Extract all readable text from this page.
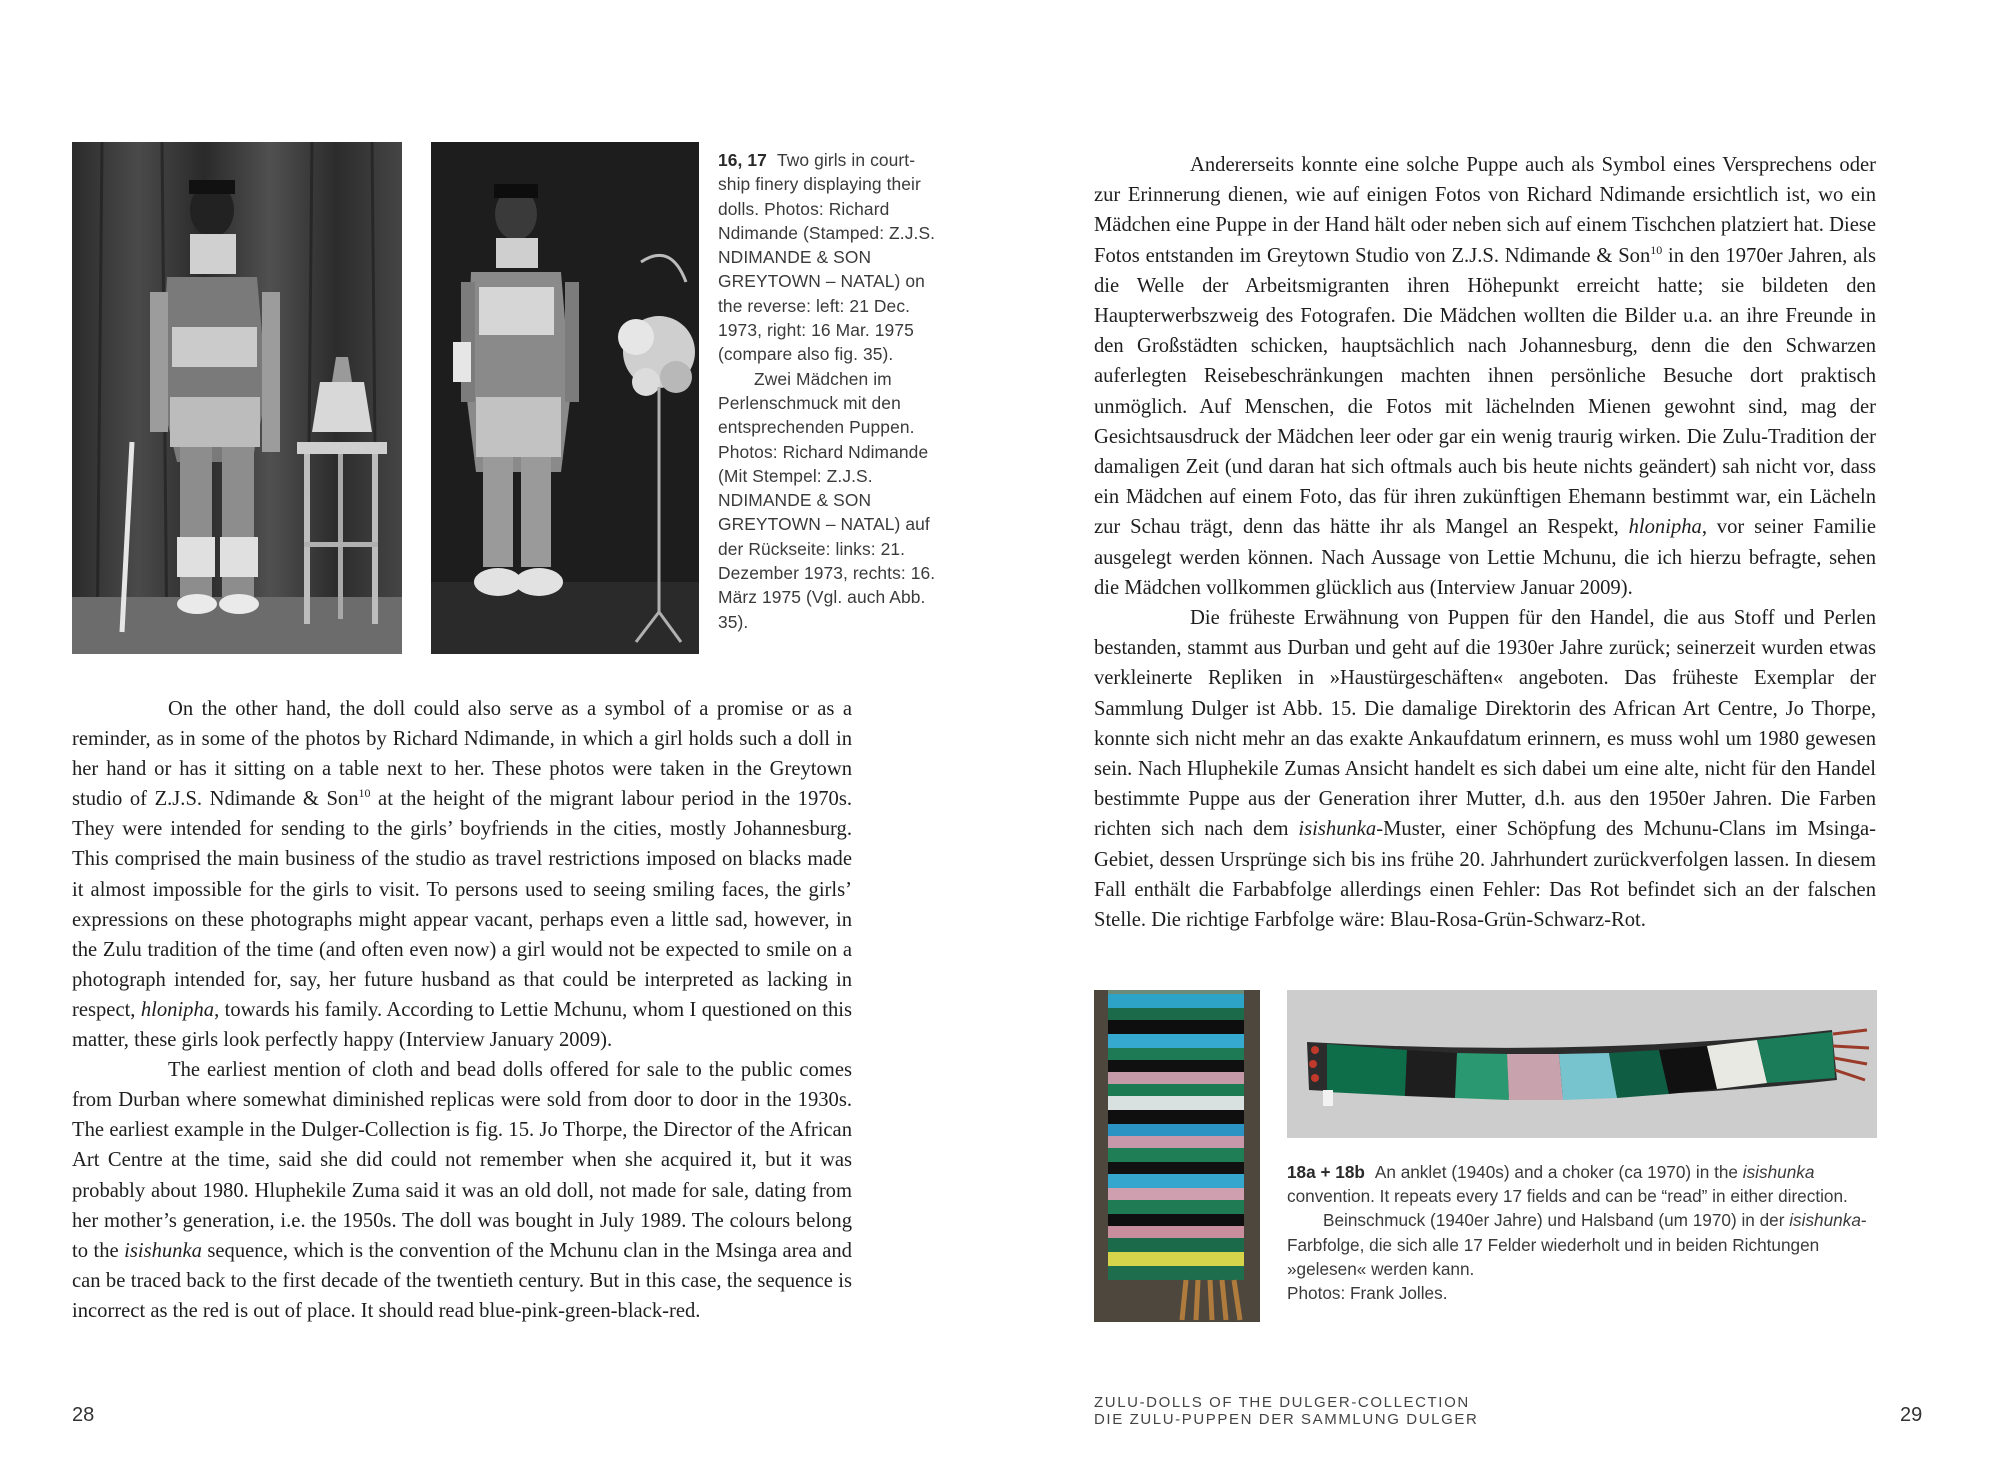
16, 17 Two girls in court-ship finery displaying their dolls. Photos: Richard Ndimande (Stamped: Z.J.S. NDIMANDE & SON GREYTOWN – NATAL) on the reverse: left: 21 Dec. 1973, right: 16 Mar. 1975 (compare also fig. 35).

Zwei Mädchen im Perlenschmuck mit den entsprechenden Puppen. Photos: Richard Ndimande (Mit Stempel: Z.J.S. NDIMANDE & SON GREYTOWN – NATAL) auf der Rückseite: links: 21. Dezember 1973, rechts: 16. März 1975 (Vgl. auch Abb. 35).

On the other hand, the doll could also serve as a symbol of a promise or as a reminder, as in some of the photos by Richard Ndimande, in which a girl holds such a doll in her hand or has it sitting on a table next to her. These photos were taken in the Greytown studio of Z.J.S. Ndimande & Son$^{10}$ at the height of the migrant labour period in the 1970s. They were intended for sending to the girls’ boyfriends in the cities, mostly Johannesburg. This comprised the main business of the studio as travel restrictions imposed on blacks made it almost impossible for the girls to visit. To persons used to seeing smiling faces, the girls’ expressions on these photographs might appear vacant, perhaps even a little sad, however, in the Zulu tradition of the time (and often even now) a girl would not be expected to smile on a photograph intended for, say, her future husband as that could be interpreted as lacking in respect, hlonipha, towards his family. According to Lettie Mchunu, whom I questioned on this matter, these girls look perfectly happy (Interview January 2009).

The earliest mention of cloth and bead dolls offered for sale to the public comes from Durban where somewhat diminished replicas were sold from door to door in the 1930s. The earliest example in the Dulger-Collection is fig. 15. Jo Thorpe, the Director of the African Art Centre at the time, said she did could not remember when she acquired it, but it was probably about 1980. Hluphekile Zuma said it was an old doll, not made for sale, dating from her mother’s generation, i.e. the 1950s. The doll was bought in July 1989. The colours belong to the isishunka sequence, which is the convention of the Mchunu clan in the Msinga area and can be traced back to the first decade of the twentieth century. But in this case, the sequence is incorrect as the red is out of place. It should read blue-pink-green-black-red.

28

Andererseits konnte eine solche Puppe auch als Symbol eines Versprechens oder zur Erinnerung dienen, wie auf einigen Fotos von Richard Ndimande ersichtlich ist, wo ein Mädchen eine Puppe in der Hand hält oder neben sich auf einem Tischchen platziert hat. Diese Fotos entstanden im Greytown Studio von Z.J.S. Ndimande & Son$^{10}$ in den 1970er Jahren, als die Welle der Arbeitsmigranten ihren Höhepunkt erreicht hatte; sie bildeten den Haupterwerbszweig des Fotografen. Die Mädchen wollten die Bilder u.a. an ihre Freunde in den Großstädten schicken, hauptsächlich nach Johannesburg, denn die den Schwarzen auferlegten Reisebeschränkungen machten ihnen persönliche Besuche dort praktisch unmöglich. Auf Menschen, die Fotos mit lächelnden Mienen gewohnt sind, mag der Gesichtsausdruck der Mädchen leer oder gar ein wenig traurig wirken. Die Zulu-Tradition der damaligen Zeit (und daran hat sich oftmals auch bis heute nichts geändert) sah nicht vor, dass ein Mädchen auf einem Foto, das für ihren zukünftigen Ehemann bestimmt war, ein Lächeln zur Schau trägt, denn das hätte ihr als Mangel an Respekt, hlonipha, vor seiner Familie ausgelegt werden können. Nach Aussage von Lettie Mchunu, die ich hierzu befragte, sehen die Mädchen vollkommen glücklich aus (Interview Januar 2009).

Die früheste Erwähnung von Puppen für den Handel, die aus Stoff und Perlen bestanden, stammt aus Durban und geht auf die 1930er Jahre zurück; seinerzeit wurden etwas verkleinerte Repliken in »Haustürgeschäften« angeboten. Das früheste Exemplar der Sammlung Dulger ist Abb. 15. Die damalige Direktorin des African Art Centre, Jo Thorpe, konnte sich nicht mehr an das exakte Ankaufdatum erinnern, es muss wohl um 1980 gewesen sein. Nach Hluphekile Zumas Ansicht handelt es sich dabei um eine alte, nicht für den Handel bestimmte Puppe aus der Generation ihrer Mutter, d.h. aus den 1950er Jahren. Die Farben richten sich nach dem isishunka-Muster, einer Schöpfung des Mchunu-Clans im Msinga-Gebiet, dessen Ursprünge sich bis ins frühe 20. Jahrhundert zurückverfolgen lassen. In diesem Fall enthält die Farbabfolge allerdings einen Fehler: Das Rot befindet sich an der falschen Stelle. Die richtige Farbfolge wäre: Blau-Rosa-Grün-Schwarz-Rot.

18a + 18b An anklet (1940s) and a choker (ca 1970) in the isishunka convention. It repeats every 17 fields and can be “read” in either direction.

Beinschmuck (1940er Jahre) und Halsband (um 1970) in der isishunka-Farbfolge, die sich alle 17 Felder wiederholt und in beiden Richtungen »gelesen« werden kann.

Photos: Frank Jolles.

ZULU-DOLLS OF THE DULGER-COLLECTION
DIE ZULU-PUPPEN DER SAMMLUNG DULGER	29
